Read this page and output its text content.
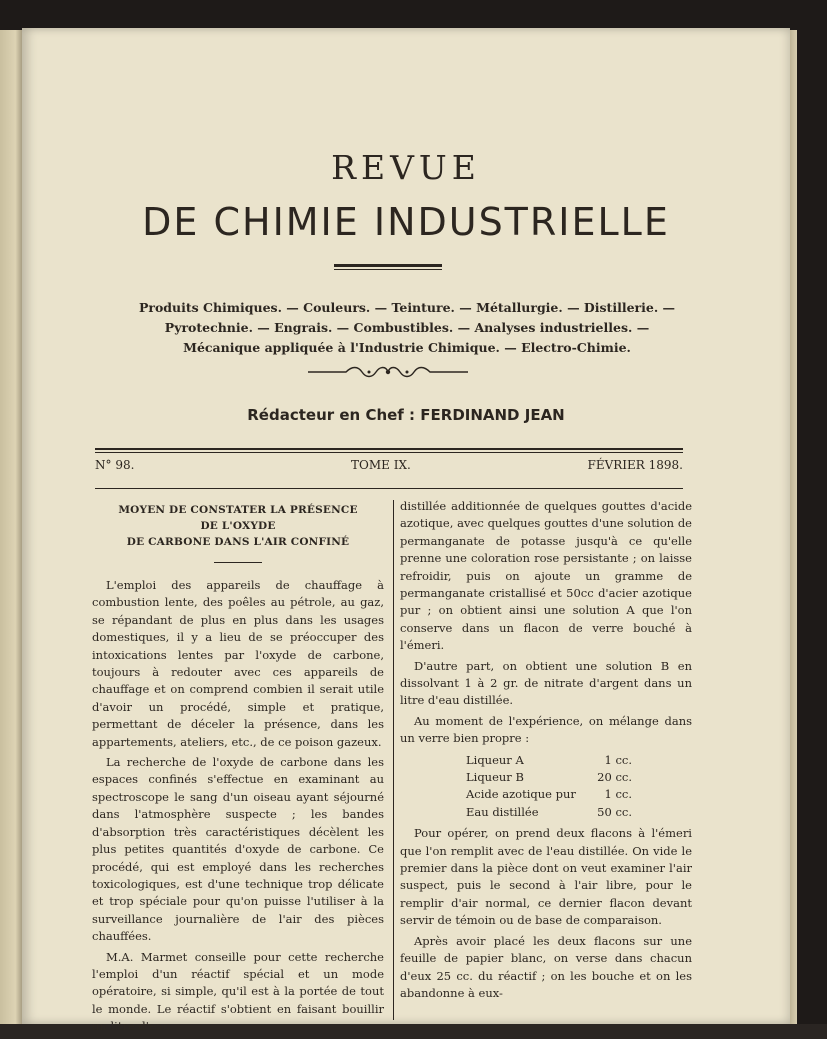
REVUE
DE CHIMIE INDUSTRIELLE
Produits Chimiques. — Couleurs. — Teinture. — Métallurgie. — Distillerie. —
Pyrotechnie. — Engrais. — Combustibles. — Analyses industrielles. —
Mécanique appliquée à l'Industrie Chimique. — Electro-Chimie.
Rédacteur en Chef : FERDINAND JEAN
N° 98.	TOME IX.	FÉVRIER 1898.
MOYEN DE CONSTATER LA PRÉSENCE DE L'OXYDE
DE CARBONE DANS L'AIR CONFINÉ

L'emploi des appareils de chauffage à combustion lente, des poêles au pétrole, au gaz, se répandant de plus en plus dans les usages domestiques, il y a lieu de se préoccuper des intoxications lentes par l'oxyde de carbone, toujours à redouter avec ces appareils de chauffage et on comprend combien il serait utile d'avoir un procédé, simple et pratique, permettant de déceler la présence, dans les appartements, ateliers, etc., de ce poison gazeux.

La recherche de l'oxyde de carbone dans les espaces confinés s'effectue en examinant au spectroscope le sang d'un oiseau ayant séjourné dans l'atmosphère suspecte ; les bandes d'absorption très caractéristiques décèlent les plus petites quantités d'oxyde de carbone. Ce procédé, qui est employé dans les recherches toxicologiques, est d'une technique trop délicate et trop spéciale pour qu'on puisse l'utiliser à la surveillance journalière de l'air des pièces chauffées.

M.A. Marmet conseille pour cette recherche l'emploi d'un réactif spécial et un mode opératoire, si simple, qu'il est à la portée de tout le monde. Le réactif s'obtient en faisant bouillir un litre d'eau

distillée additionnée de quelques gouttes d'acide azotique, avec quelques gouttes d'une solution de permanganate de potasse jusqu'à ce qu'elle prenne une coloration rose persistante ; on laisse refroidir, puis on ajoute un gramme de permanganate cristallisé et 50cc d'acier azotique pur ; on obtient ainsi une solution A que l'on conserve dans un flacon de verre bouché à l'émeri.

D'autre part, on obtient une solution B en dissolvant 1 à 2 gr. de nitrate d'argent dans un litre d'eau distillée.

Au moment de l'expérience, on mélange dans un verre bien propre :

Liqueur A	1 cc.
Liqueur B	20 cc.
Acide azotique pur 1 cc.
Eau distillée	50 cc.

Pour opérer, on prend deux flacons à l'émeri que l'on remplit avec de l'eau distillée. On vide le premier dans la pièce dont on veut examiner l'air suspect, puis le second à l'air libre, pour le remplir d'air normal, ce dernier flacon devant servir de témoin ou de base de comparaison.

Après avoir placé les deux flacons sur une feuille de papier blanc, on verse dans chacun d'eux 25 cc. du réactif ; on les bouche et on les abandonne à eux-
